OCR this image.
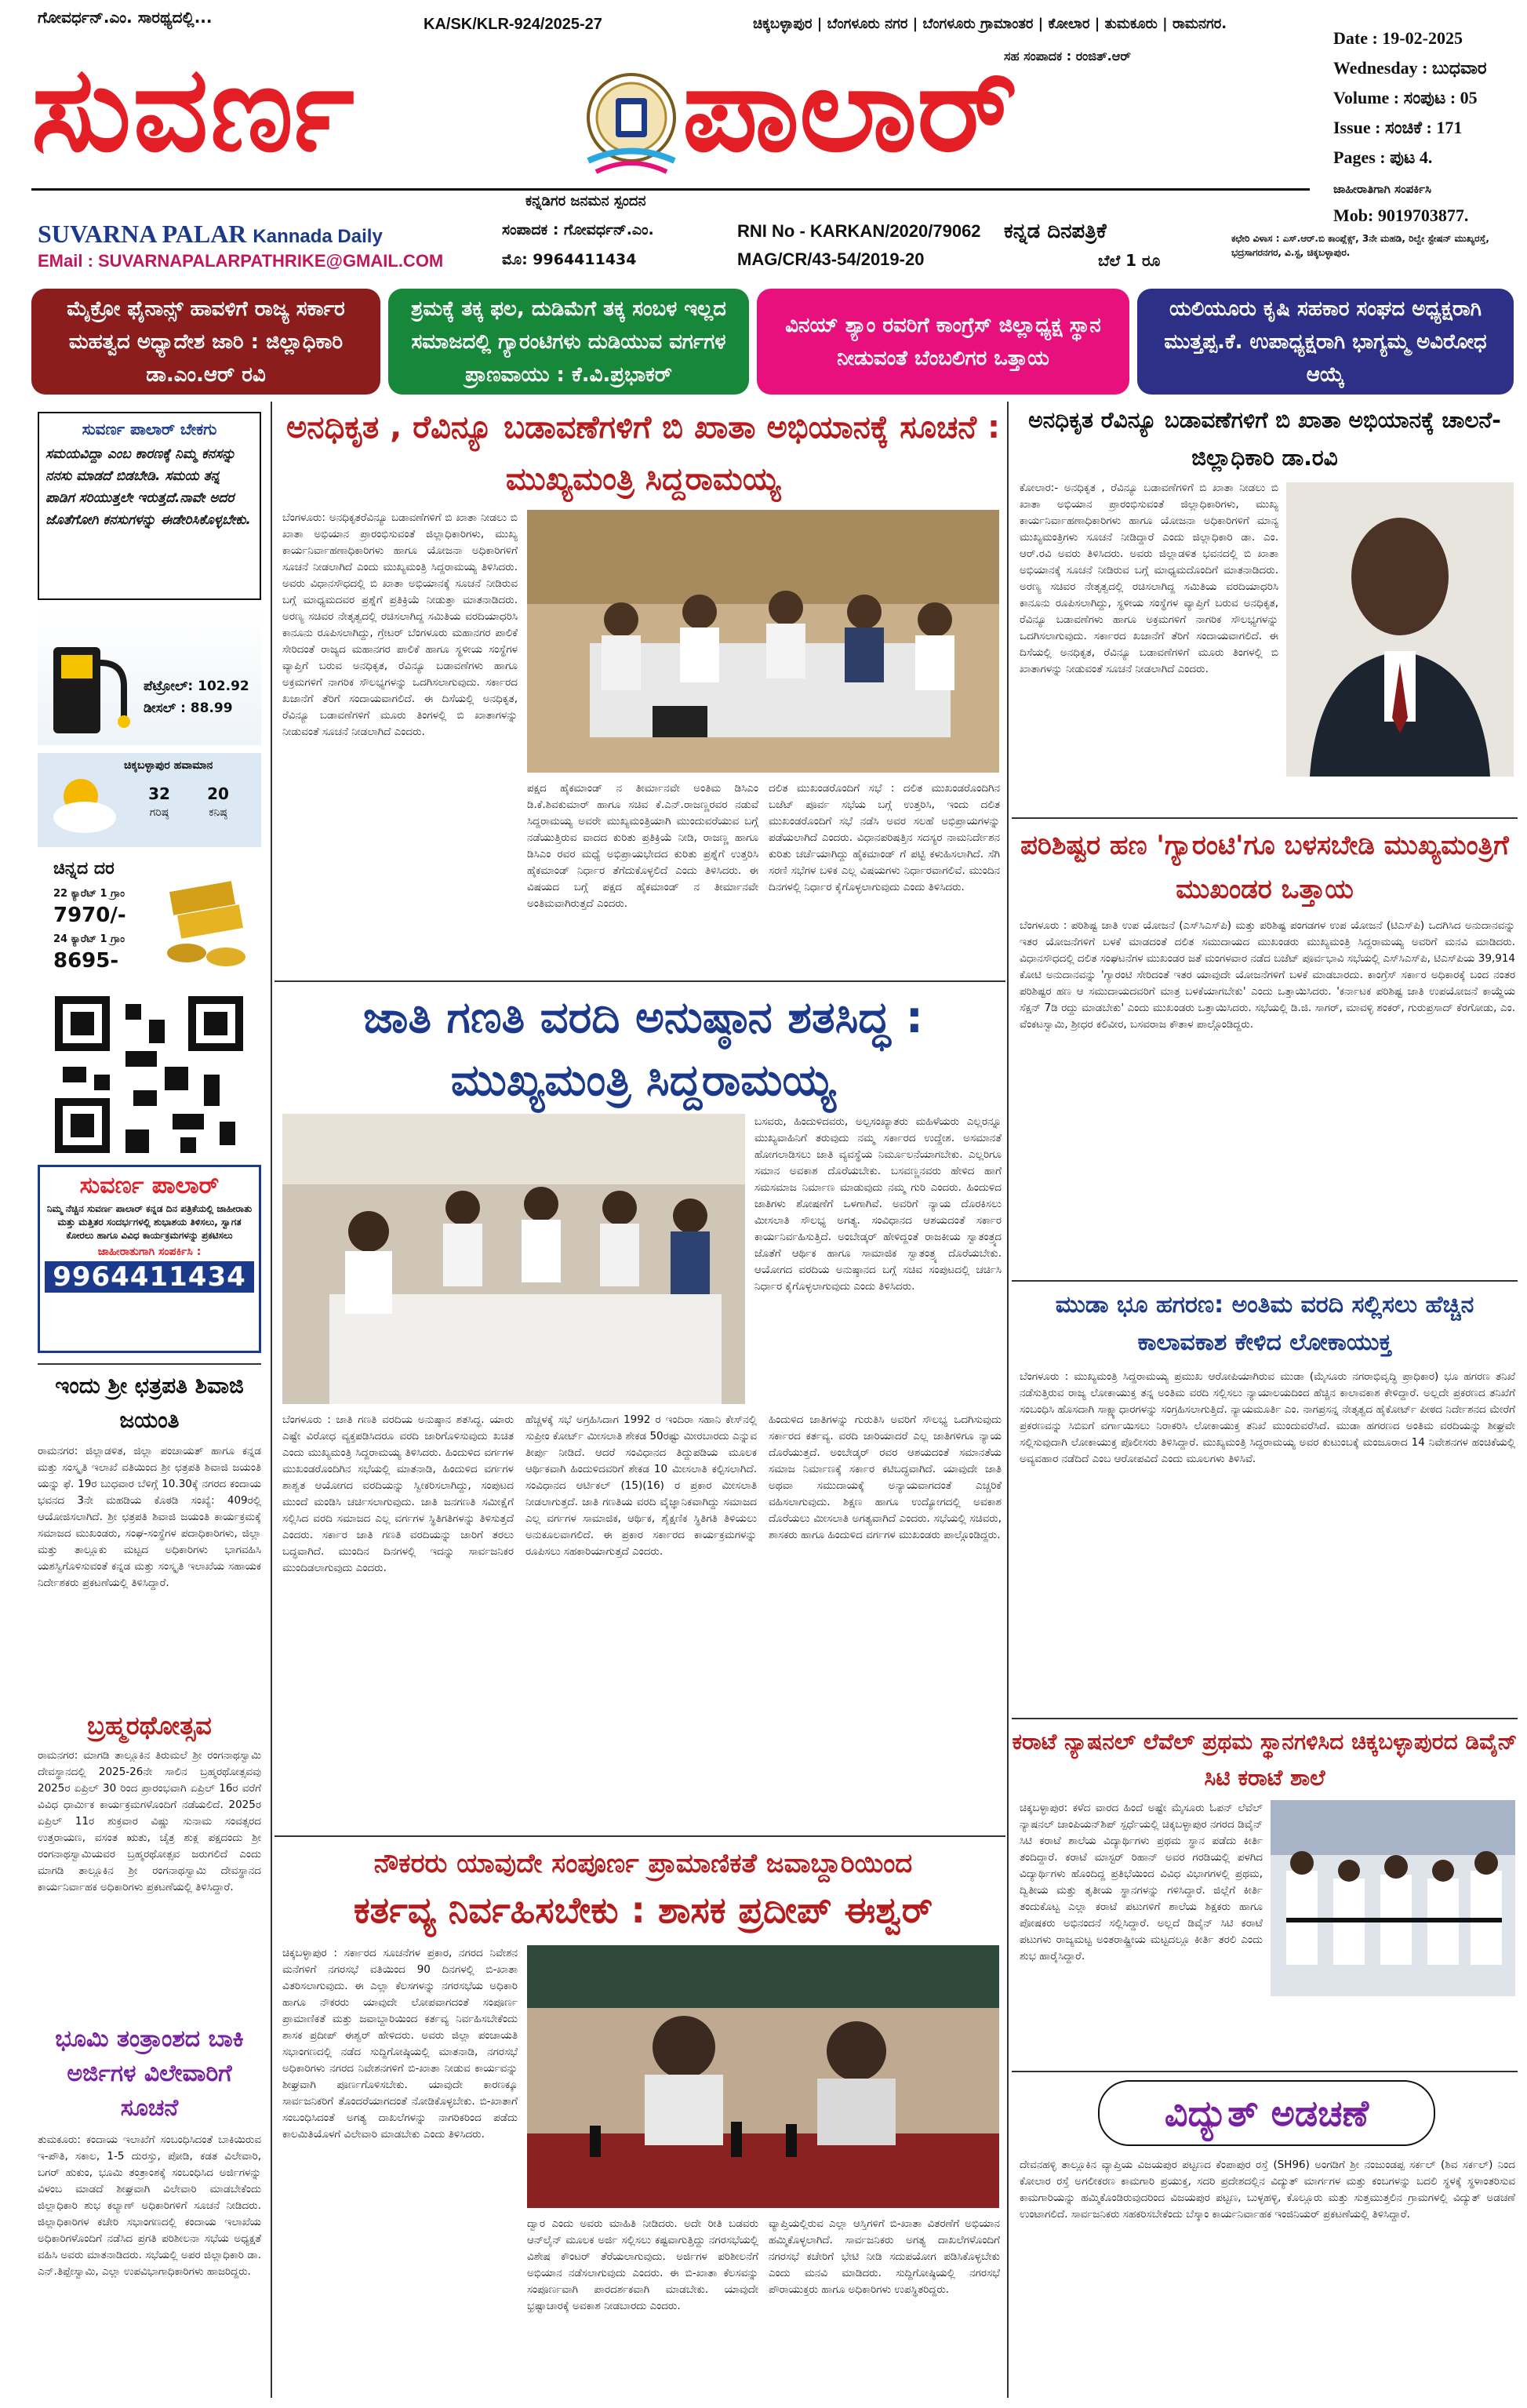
ಗೋವರ್ಧನ್.ಎಂ. ಸಾರಥ್ಯದಲ್ಲಿ...	KA/SK/KLR-924/2025-27	ಚಿಕ್ಕಬಳ್ಳಾಪುರ | ಬೆಂಗಳೂರು ನಗರ | ಬೆಂಗಳೂರು ಗ್ರಾಮಾಂತರ | ಕೋಲಾರ | ತುಮಕೂರು | ರಾಮನಗರ.
ಸಹ ಸಂಪಾದಕ : ರಂಜಿತ್.ಆರ್
ಸುವರ್ಣ	ಪಾಲಾರ್
ಕನ್ನಡಿಗರ ಜನಮನ ಸ್ಪಂದನ
SUVARNA PALAR Kannada Daily
EMail : SUVARNAPALARPATHRIKE@GMAIL.COM
ಸಂಪಾದಕ : ಗೋವರ್ಧನ್.ಎಂ.
ಮೊ: 9964411434
RNI No - KARKAN/2020/79062
MAG/CR/43-54/2019-20
ಕನ್ನಡ ದಿನಪತ್ರಿಕೆ
ಬೆಲೆ 1 ರೂ
Date : 19-02-2025
Wednesday : ಬುಧವಾರ
Volume : ಸಂಪುಟ : 05
Issue : ಸಂಚಿಕೆ : 171
Pages : ಪುಟ 4.
ಜಾಹೀರಾತಿಗಾಗಿ ಸಂಪರ್ಕಿಸಿ
Mob: 9019703877.
ಕಛೇರಿ ವಿಳಾಸ : ಎಸ್.ಆರ್.ಬಿ ಕಾಂಪ್ಲೆಕ್ಸ್, 3ನೇ ಮಹಡಿ, ರಿಲ್ವೇ ಸ್ಟೇಷನ್ ಮುಖ್ಯರಸ್ತೆ, ಭದ್ರಸಾಗರನಗರ, ವಿ.ಸ್ಟ, ಚಿಕ್ಕಬಳ್ಳಾಪುರ.
ಮೈಕ್ರೋ ಫೈನಾನ್ಸ್ ಹಾವಳಿಗೆ ರಾಜ್ಯ ಸರ್ಕಾರ ಮಹತ್ವದ ಅಧ್ಯಾದೇಶ ಜಾರಿ : ಜಿಲ್ಲಾಧಿಕಾರಿ ಡಾ.ಎಂ.ಆರ್ ರವಿ
ಶ್ರಮಕ್ಕೆ ತಕ್ಕ ಫಲ, ದುಡಿಮೆಗೆ ತಕ್ಕ ಸಂಬಳ ಇಲ್ಲದ ಸಮಾಜದಲ್ಲಿ ಗ್ಯಾರಂಟಿಗಳು ದುಡಿಯುವ ವರ್ಗಗಳ ಪ್ರಾಣವಾಯು : ಕೆ.ವಿ.ಪ್ರಭಾಕರ್
ವಿನಯ್ ಶ್ಯಾಂ ರವರಿಗೆ ಕಾಂಗ್ರೆಸ್ ಜಿಲ್ಲಾಧ್ಯಕ್ಷ ಸ್ಥಾನ ನೀಡುವಂತೆ ಬೆಂಬಲಿಗರ ಒತ್ತಾಯ
ಯಲಿಯೂರು ಕೃಷಿ ಸಹಕಾರ ಸಂಘದ ಅಧ್ಯಕ್ಷರಾಗಿ ಮುತ್ತಪ್ಪ.ಕೆ. ಉಪಾಧ್ಯಕ್ಷರಾಗಿ ಭಾಗ್ಯಮ್ಮ ಅವಿರೋಧ ಆಯ್ಕೆ
ಸುವರ್ಣ ಪಾಲಾರ್ ಬೇಕಗು
ಸಮಯವಿದ್ದಾ ಎಂಬ ಕಾರಣಕ್ಕೆ ನಿಮ್ಮ ಕನಸನ್ನು ನನಸು ಮಾಡದೆ ಬಿಡಬೇಡಿ. ಸಮಯ ತನ್ನ ಪಾಡಿಗ ಸರಿಯುತ್ತಲೇ ಇರುತ್ತದೆ.ನಾವೇ ಅದರ ಜೊತೆಗೋಗಿ ಕನಸುಗಳನ್ನು ಈಡೇರಿಸಿಕೊಳ್ಳಬೇಕು.
ಪೆಟ್ರೋಲ್: 102.92
ಡೀಸಲ್ : 88.99
ಚಿಕ್ಕಬಳ್ಳಾಪುರ ಹವಾಮಾನ
32	20
ಗರಿಷ್ಠ	ಕನಿಷ್ಠ
ಚಿನ್ನದ ದರ
22 ಕ್ಯಾರೆಟ್ 1 ಗ್ರಾಂ
7970/-
24 ಕ್ಯಾರೆಟ್ 1 ಗ್ರಾಂ
8695-
ಸುವರ್ಣ ಪಾಲಾರ್
ನಿಮ್ಮ ನೆಚ್ಚಿನ ಸುವರ್ಣ ಪಾಲಾರ್ ಕನ್ನಡ ದಿನ ಪತ್ರಿಕೆಯಲ್ಲಿ ಜಾಹೀರಾತು ಮತ್ತು ಮತ್ತಿತರ ಸಂದರ್ಭಗಳಲ್ಲಿ ಶುಭಾಶಯ ತಿಳಿಸಲು, ಸ್ವಾಗತ ಕೋರಲು ಹಾಗೂ ವಿವಿಧ ಕಾರ್ಯಕ್ರಮಗಳನ್ನು ಪ್ರಕಟಿಸಲು
ಜಾಹೀರಾತುಗಾಗಿ ಸಂಪರ್ಕಿಸಿ :
9964411434
ಇಂದು ಶ್ರೀ ಛತ್ರಪತಿ ಶಿವಾಜಿ ಜಯಂತಿ
ರಾಮನಗರ: ಜಿಲ್ಲಾಡಳಿತ, ಜಿಲ್ಲಾ ಪಂಚಾಯತ್ ಹಾಗೂ ಕನ್ನಡ ಮತ್ತು ಸಂಸ್ಕೃತಿ ಇಲಾಖೆ ವತಿಯಿಂದ ಶ್ರೀ ಛತ್ರಪತಿ ಶಿವಾಜಿ ಜಯಂತಿ ಯನ್ನು ಫೆ. 19ರ ಬುಧವಾರ ಬೆಳಿಗ್ಗೆ 10.30ಕ್ಕೆ ನಗರದ ಕಂದಾಯ ಭವನದ 3ನೇ ಮಹಡಿಯ ಕೊಠಡಿ ಸಂಖ್ಯೆ: 409ರಲ್ಲಿ ಆಯೋಜಿಸಲಾಗಿದೆ. ಶ್ರೀ ಛತ್ರಪತಿ ಶಿವಾಜಿ ಜಯಂತಿ ಕಾರ್ಯಕ್ರಮಕ್ಕೆ ಸಮಾಜದ ಮುಖಂಡರು, ಸಂಘ-ಸಂಸ್ಥೆಗಳ ಪದಾಧಿಕಾರಿಗಳು, ಜಿಲ್ಲಾ ಮತ್ತು ತಾಲ್ಲೂಕು ಮಟ್ಟದ ಅಧಿಕಾರಿಗಳು ಭಾಗವಹಿಸಿ ಯಶಸ್ವಿಗೊಳಿಸುವಂತೆ ಕನ್ನಡ ಮತ್ತು ಸಂಸ್ಕೃತಿ ಇಲಾಖೆಯ ಸಹಾಯಕ ನಿರ್ದೇಶಕರು ಪ್ರಕಟಣೆಯಲ್ಲಿ ತಿಳಿಸಿದ್ದಾರೆ.
ಬ್ರಹ್ಮರಥೋತ್ಸವ
ರಾಮನಗರ: ಮಾಗಡಿ ತಾಲ್ಲೂಕಿನ ತಿರುಮಲೆ ಶ್ರೀ ರಂಗನಾಥಸ್ವಾಮಿ ದೇವಸ್ಥಾನದಲ್ಲಿ 2025-26ನೇ ಸಾಲಿನ ಬ್ರಹ್ಮರಥೋತ್ಸವವು 2025ರ ಏಪ್ರಿಲ್ 30 ರಿಂದ ಪ್ರಾರಂಭವಾಗಿ ಏಪ್ರಿಲ್ 16ರ ವರೆಗೆ ವಿವಿಧ ಧಾರ್ಮಿಕ ಕಾರ್ಯಕ್ರಮಗಳೊಂದಿಗೆ ನಡೆಯಲಿದೆ. 2025ರ ಏಪ್ರಿಲ್ 11ರ ಶುಕ್ರವಾರ ವಿಷ್ಣು ಸುನಾಮ ಸಂವತ್ಸರದ ಉತ್ತರಾಯಣ, ವಸಂತ ಋತು, ಚೈತ್ರ ಶುಕ್ಲ ಪಕ್ಷದಂದು ಶ್ರೀ ರಂಗನಾಥಸ್ವಾಮಿಯವರ ಬ್ರಹ್ಮರಥೋತ್ಸವ ಜರುಗಲಿದೆ ಎಂದು ಮಾಗಡಿ ತಾಲ್ಲೂಕಿನ ಶ್ರೀ ರಂಗನಾಥಸ್ವಾಮಿ ದೇವಸ್ಥಾನದ ಕಾರ್ಯನಿರ್ವಾಹಕ ಅಧಿಕಾರಿಗಳು ಪ್ರಕಟಣೆಯಲ್ಲಿ ತಿಳಿಸಿದ್ದಾರೆ.
ಭೂಮಿ ತಂತ್ರಾಂಶದ ಬಾಕಿ ಅರ್ಜಿಗಳ ವಿಲೇವಾರಿಗೆ ಸೂಚನೆ
ತುಮಕೂರು: ಕಂದಾಯ ಇಲಾಖೆಗೆ ಸಂಬಂಧಿಸಿದಂತೆ ಬಾಕಿಯಿರುವ ಇ-ಪೌತಿ, ಸಕಾಲ, 1-5 ದುರಸ್ತು, ಪೋಡಿ, ಕಡತ ವಿಲೇವಾರಿ, ಬಗರ್ ಹುಕುಂ, ಭೂಮಿ ತಂತ್ರಾಂಶಕ್ಕೆ ಸಂಬಂಧಿಸಿದ ಅರ್ಜಿಗಳನ್ನು ವಿಳಂಬ ಮಾಡದೆ ಶೀಘ್ರವಾಗಿ ವಿಲೇವಾರಿ ಮಾಡಬೇಕೆಂದು ಜಿಲ್ಲಾಧಿಕಾರಿ ಶುಭ ಕಲ್ಯಾಣ್ ಅಧಿಕಾರಿಗಳಿಗೆ ಸೂಚನೆ ನೀಡಿದರು. ಜಿಲ್ಲಾಧಿಕಾರಿಗಳ ಕಚೇರಿ ಸಭಾಂಗಣದಲ್ಲಿ ಕಂದಾಯ ಇಲಾಖೆಯ ಅಧಿಕಾರಿಗಳೊಂದಿಗೆ ನಡೆಸಿದ ಪ್ರಗತಿ ಪರಿಶೀಲನಾ ಸಭೆಯ ಅಧ್ಯಕ್ಷತೆ ವಹಿಸಿ ಅವರು ಮಾತನಾಡಿದರು. ಸಭೆಯಲ್ಲಿ ಅಪರ ಜಿಲ್ಲಾಧಿಕಾರಿ ಡಾ. ಎನ್.ತಿಪ್ಪೇಸ್ವಾಮಿ, ಎಲ್ಲಾ ಉಪವಿಭಾಗಾಧಿಕಾರಿಗಳು ಹಾಜರಿದ್ದರು.
ಅನಧಿಕೃತ , ರೆವಿನ್ಯೂ ಬಡಾವಣೆಗಳಿಗೆ ಬಿ ಖಾತಾ ಅಭಿಯಾನಕ್ಕೆ ಸೂಚನೆ : ಮುಖ್ಯಮಂತ್ರಿ ಸಿದ್ದರಾಮಯ್ಯ
ಬೆಂಗಳೂರು: ಅನಧಿಕೃತರೆವಿನ್ಯೂ ಬಡಾವಣೆಗಳಿಗೆ ಬಿ ಖಾತಾ ನೀಡಲು ಬಿ ಖಾತಾ ಅಭಿಯಾನ ಪ್ರಾರಂಭಿಸುವಂತೆ ಜಿಲ್ಲಾಧಿಕಾರಿಗಳು, ಮುಖ್ಯ ಕಾರ್ಯನಿರ್ವಾಹಣಾಧಿಕಾರಿಗಳು ಹಾಗೂ ಯೋಜನಾ ಅಧಿಕಾರಿಗಳಿಗೆ ಸೂಚನೆ ನೀಡಲಾಗಿದೆ ಎಂದು ಮುಖ್ಯಮಂತ್ರಿ ಸಿದ್ದರಾಮಯ್ಯ ತಿಳಿಸಿದರು. ಅವರು ವಿಧಾನಸೌಧದಲ್ಲಿ ಬಿ ಖಾತಾ ಅಭಿಯಾನಕ್ಕೆ ಸೂಚನೆ ನೀಡಿರುವ ಬಗ್ಗೆ ಮಾಧ್ಯಮದವರ ಪ್ರಶ್ನೆಗೆ ಪ್ರತಿಕ್ರಿಯೆ ನೀಡುತ್ತಾ ಮಾತನಾಡಿದರು. ಅರಣ್ಯ ಸಚಿವರ ನೇತೃತ್ವದಲ್ಲಿ ರಚಿಸಲಾಗಿದ್ದ ಸಮಿತಿಯ ವರದಿಯಾಧರಿಸಿ ಕಾನೂನು ರೂಪಿಸಲಾಗಿದ್ದು, ಗ್ರೇಟರ್ ಬೆಂಗಳೂರು ಮಹಾನಗರ ಪಾಲಿಕೆ ಸೇರಿದಂತೆ ರಾಜ್ಯದ ಮಹಾನಗರ ಪಾಲಿಕೆ ಹಾಗೂ ಸ್ಥಳೀಯ ಸಂಸ್ಥೆಗಳ ವ್ಯಾಪ್ತಿಗೆ ಬರುವ ಅನಧಿಕೃತ, ರೆವಿನ್ಯೂ ಬಡಾವಣೆಗಳು ಹಾಗೂ ಅಕ್ರಮಗಳಿಗೆ ನಾಗರಿಕ ಸೌಲಭ್ಯಗಳನ್ನು ಒದಗಿಸಲಾಗುವುದು. ಸರ್ಕಾರದ ಖಜಾನೆಗೆ ತೆರಿಗೆ ಸಂದಾಯವಾಗಲಿದೆ. ಈ ದಿಸೆಯಲ್ಲಿ ಅನಧಿಕೃತ, ರೆವಿನ್ಯೂ ಬಡಾವಣೆಗಳಿಗೆ ಮೂರು ತಿಂಗಳಲ್ಲಿ ಬಿ ಖಾತಾಗಳನ್ನು ನೀಡುವಂತೆ ಸೂಚನೆ ನೀಡಲಾಗಿದೆ ಎಂದರು.
ಪಕ್ಷದ ಹೈಕಮಾಂಡ್ ನ ತೀರ್ಮಾನವೇ ಅಂತಿಮ ಡಿಸಿಎಂ ಡಿ.ಕೆ.ಶಿವಕುಮಾರ್ ಹಾಗೂ ಸಚಿವ ಕೆ.ಎನ್.ರಾಜಣ್ಣರವರ ನಡುವೆ ಸಿದ್ದರಾಮಯ್ಯ ಅವರೇ ಮುಖ್ಯಮಂತ್ರಿಯಾಗಿ ಮುಂದುವರೆಯುವ ಬಗ್ಗೆ ನಡೆಯುತ್ತಿರುವ ವಾದದ ಕುರಿತು ಪ್ರತಿಕ್ರಿಯೆ ನೀಡಿ, ರಾಜಣ್ಣ ಹಾಗೂ ಡಿಸಿಎಂ ರವರ ಮಧ್ಯೆ ಅಭಿಪ್ರಾಯಭೇದದ ಕುರಿತು ಪ್ರಶ್ನೆಗೆ ಉತ್ತರಿಸಿ ಹೈಕಮಾಂಡ್ ನಿರ್ಧಾರ ತೆಗೆದುಕೊಳ್ಳಲಿದೆ ಎಂದು ತಿಳಿಸಿದರು. ಈ ವಿಷಯದ ಬಗ್ಗೆ ಪಕ್ಷದ ಹೈಕಮಾಂಡ್ ನ ತೀರ್ಮಾನವೇ ಅಂತಿಮವಾಗಿರುತ್ತದೆ ಎಂದರು.
ದಲಿತ ಮುಖಂಡರೊಂದಿಗೆ ಸಭೆ : ದಲಿತ ಮುಖಂಡರೊಂದಿಗಿನ ಬಜೆಟ್ ಪೂರ್ವ ಸಭೆಯ ಬಗ್ಗೆ ಉತ್ತರಿಸಿ, ಇಂದು ದಲಿತ ಮುಖಂಡರೊಂದಿಗೆ ಸಭೆ ನಡೆಸಿ ಅವರ ಸಲಹೆ ಅಭಿಪ್ರಾಯಗಳನ್ನು ಪಡೆಯಲಾಗಿದೆ ಎಂದರು. ವಿಧಾನಪರಿಷತ್ತಿನ ಸದಸ್ಯರ ನಾಮನಿರ್ದೇಶನ ಕುರಿತು ಚರ್ಚೆಯಾಗಿದ್ದು ಹೈಕಮಾಂಡ್ ಗೆ ಪಟ್ಟಿ ಕಳುಹಿಸಲಾಗಿದೆ. ಸೆಗಿ ಸರಣಿ ಸಭೆಗಳ ಬಳಿಕ ಎಲ್ಲ ವಿಷಯಗಳು ನಿರ್ಧಾರವಾಗಲಿವೆ. ಮುಂದಿನ ದಿನಗಳಲ್ಲಿ ನಿರ್ಧಾರ ಕೈಗೊಳ್ಳಲಾಗುವುದು ಎಂದು ತಿಳಿಸಿದರು.
ಜಾತಿ ಗಣತಿ ವರದಿ ಅನುಷ್ಠಾನ ಶತಸಿದ್ಧ : ಮುಖ್ಯಮಂತ್ರಿ ಸಿದ್ದರಾಮಯ್ಯ
ಬಸವರು, ಹಿಂದುಳಿದವರು, ಅಲ್ಪಸಂಖ್ಯಾತರು ಮಹಿಳೆಯರು ಎಲ್ಲರನ್ನೂ ಮುಖ್ಯವಾಹಿನಿಗೆ ತರುವುದು ನಮ್ಮ ಸರ್ಕಾರದ ಉದ್ದೇಶ. ಅಸಮಾನತೆ ಹೋಗಲಾಡಿಸಲು ಜಾತಿ ವ್ಯವಸ್ಥೆಯ ನಿರ್ಮೂಲನೆಯಾಗಬೇಕು. ಎಲ್ಲರಿಗೂ ಸಮಾನ ಅವಕಾಶ ದೊರೆಯಬೇಕು. ಬಸವಣ್ಣನವರು ಹೇಳಿದ ಹಾಗೆ ಸಮಸಮಾಜ ನಿರ್ಮಾಣ ಮಾಡುವುದು ನಮ್ಮ ಗುರಿ ಎಂದರು. ಹಿಂದುಳಿದ ಜಾತಿಗಳು ಶೋಷಣೆಗೆ ಒಳಗಾಗಿವೆ. ಅವರಿಗೆ ನ್ಯಾಯ ದೊರಕಿಸಲು ಮೀಸಲಾತಿ ಸೌಲಭ್ಯ ಅಗತ್ಯ. ಸಂವಿಧಾನದ ಆಶಯದಂತೆ ಸರ್ಕಾರ ಕಾರ್ಯನಿರ್ವಹಿಸುತ್ತಿದೆ. ಅಂಬೇಡ್ಕರ್ ಹೇಳಿದ್ದಂತೆ ರಾಜಕೀಯ ಸ್ವಾತಂತ್ರ್ಯದ ಜೊತೆಗೆ ಆರ್ಥಿಕ ಹಾಗೂ ಸಾಮಾಜಿಕ ಸ್ವಾತಂತ್ರ್ಯ ದೊರೆಯಬೇಕು. ಆಯೋಗದ ವರದಿಯ ಅನುಷ್ಠಾನದ ಬಗ್ಗೆ ಸಚಿವ ಸಂಪುಟದಲ್ಲಿ ಚರ್ಚಿಸಿ ನಿರ್ಧಾರ ಕೈಗೊಳ್ಳಲಾಗುವುದು ಎಂದು ತಿಳಿಸಿದರು.
ಬೆಂಗಳೂರು : ಜಾತಿ ಗಣತಿ ವರದಿಯ ಅನುಷ್ಠಾನ ಶತಸಿದ್ಧ. ಯಾರು ಎಷ್ಟೇ ವಿರೋಧ ವ್ಯಕ್ತಪಡಿಸಿದರೂ ವರದಿ ಜಾರಿಗೊಳಿಸುವುದು ಖಚಿತ ಎಂದು ಮುಖ್ಯಮಂತ್ರಿ ಸಿದ್ದರಾಮಯ್ಯ ತಿಳಿಸಿದರು. ಹಿಂದುಳಿದ ವರ್ಗಗಳ ಮುಖಂಡರೊಂದಿಗಿನ ಸಭೆಯಲ್ಲಿ ಮಾತನಾಡಿ, ಹಿಂದುಳಿದ ವರ್ಗಗಳ ಶಾಶ್ವತ ಆಯೋಗದ ವರದಿಯನ್ನು ಸ್ವೀಕರಿಸಲಾಗಿದ್ದು, ಸಂಪುಟದ ಮುಂದೆ ಮಂಡಿಸಿ ಚರ್ಚಿಸಲಾಗುವುದು. ಜಾತಿ ಜನಗಣತಿ ಸಮೀಕ್ಷೆಗೆ ಸಲ್ಲಿಸಿದ ವರದಿ ಸಮಾಜದ ಎಲ್ಲ ವರ್ಗಗಳ ಸ್ಥಿತಿಗತಿಗಳನ್ನು ತಿಳಿಸುತ್ತದೆ ಎಂದರು. ಸರ್ಕಾರ ಜಾತಿ ಗಣತಿ ವರದಿಯನ್ನು ಜಾರಿಗೆ ತರಲು ಬದ್ಧವಾಗಿದೆ. ಮುಂದಿನ ದಿನಗಳಲ್ಲಿ ಇದನ್ನು ಸಾರ್ವಜನಿಕರ ಮುಂದಿಡಲಾಗುವುದು ಎಂದರು.
ಹೆಚ್ಚಳಕ್ಕೆ ಸಭೆ ಅಗ್ರಹಿಸಿದಾಗ 1992 ರ ಇಂದಿರಾ ಸಹಾನಿ ಕೇಸ್‌ನಲ್ಲಿ ಸುಪ್ರೀಂ ಕೋರ್ಟ್ ಮೀಸಲಾತಿ ಶೇಕಡ 50ರಷ್ಟು ಮೀರಬಾರದು ಎನ್ನುವ ತೀರ್ಪು ನೀಡಿದೆ. ಆದರೆ ಸಂವಿಧಾನದ ತಿದ್ದುಪಡಿಯ ಮೂಲಕ ಆರ್ಥಿಕವಾಗಿ ಹಿಂದುಳಿದವರಿಗೆ ಶೇಕಡ 10 ಮೀಸಲಾತಿ ಕಲ್ಪಿಸಲಾಗಿದೆ. ಸಂವಿಧಾನದ ಆರ್ಟಿಕಲ್ (15)(16) ರ ಪ್ರಕಾರ ಮೀಸಲಾತಿ ನೀಡಲಾಗುತ್ತದೆ. ಜಾತಿ ಗಣತಿಯ ವರದಿ ವೈಜ್ಞಾನಿಕವಾಗಿದ್ದು ಸಮಾಜದ ಎಲ್ಲ ವರ್ಗಗಳ ಸಾಮಾಜಿಕ, ಆರ್ಥಿಕ, ಶೈಕ್ಷಣಿಕ ಸ್ಥಿತಿಗತಿ ತಿಳಿಯಲು ಅನುಕೂಲವಾಗಲಿದೆ. ಈ ಪ್ರಕಾರ ಸರ್ಕಾರದ ಕಾರ್ಯಕ್ರಮಗಳನ್ನು ರೂಪಿಸಲು ಸಹಕಾರಿಯಾಗುತ್ತದೆ ಎಂದರು.
ಹಿಂದುಳಿದ ಜಾತಿಗಳನ್ನು ಗುರುತಿಸಿ ಅವರಿಗೆ ಸೌಲಭ್ಯ ಒದಗಿಸುವುದು ಸರ್ಕಾರದ ಕರ್ತವ್ಯ. ವರದಿ ಜಾರಿಯಾದರೆ ಎಲ್ಲ ಜಾತಿಗಳಿಗೂ ನ್ಯಾಯ ದೊರೆಯುತ್ತದೆ. ಅಂಬೇಡ್ಕರ್ ರವರ ಆಶಯದಂತೆ ಸಮಾನತೆಯ ಸಮಾಜ ನಿರ್ಮಾಣಕ್ಕೆ ಸರ್ಕಾರ ಕಟಿಬದ್ಧವಾಗಿದೆ. ಯಾವುದೇ ಜಾತಿ ಅಥವಾ ಸಮುದಾಯಕ್ಕೆ ಅನ್ಯಾಯವಾಗದಂತೆ ಎಚ್ಚರಿಕೆ ವಹಿಸಲಾಗುವುದು. ಶಿಕ್ಷಣ ಹಾಗೂ ಉದ್ಯೋಗದಲ್ಲಿ ಅವಕಾಶ ದೊರೆಯಲು ಮೀಸಲಾತಿ ಅಗತ್ಯವಾಗಿದೆ ಎಂದರು. ಸಭೆಯಲ್ಲಿ ಸಚಿವರು, ಶಾಸಕರು ಹಾಗೂ ಹಿಂದುಳಿದ ವರ್ಗಗಳ ಮುಖಂಡರು ಪಾಲ್ಗೊಂಡಿದ್ದರು.
ನೌಕರರು ಯಾವುದೇ ಸಂಪೂರ್ಣ ಪ್ರಾಮಾಣಿಕತೆ ಜವಾಬ್ದಾರಿಯಿಂದ
ಕರ್ತವ್ಯ ನಿರ್ವಹಿಸಬೇಕು : ಶಾಸಕ ಪ್ರದೀಪ್ ಈಶ್ವರ್
ಚಿಕ್ಕಬಳ್ಳಾಪುರ : ಸರ್ಕಾರದ ಸೂಚನೆಗಳ ಪ್ರಕಾರ, ನಗರದ ನಿವೇಶನ ಮನೆಗಳಿಗೆ ನಗರಸಭೆ ವತಿಯಿಂದ 90 ದಿನಗಳಲ್ಲಿ ಬಿ-ಖಾತಾ ವಿತರಿಸಲಾಗುವುದು. ಈ ಎಲ್ಲಾ ಕೆಲಸಗಳನ್ನು ನಗರಸಭೆಯ ಅಧಿಕಾರಿ ಹಾಗೂ ನೌಕರರು ಯಾವುದೇ ಲೋಪವಾಗದಂತೆ ಸಂಪೂರ್ಣ ಪ್ರಾಮಾಣಿಕತೆ ಮತ್ತು ಜವಾಬ್ದಾರಿಯಿಂದ ಕರ್ತವ್ಯ ನಿರ್ವಹಿಸಬೇಕೆಂದು ಶಾಸಕ ಪ್ರದೀಪ್ ಈಶ್ವರ್ ಹೇಳಿದರು. ಅವರು ಜಿಲ್ಲಾ ಪಂಚಾಯತಿ ಸಭಾಂಗಣದಲ್ಲಿ ನಡೆದ ಸುದ್ದಿಗೋಷ್ಠಿಯಲ್ಲಿ ಮಾತನಾಡಿ, ನಗರಸಭೆ ಅಧಿಕಾರಿಗಳು ನಗರದ ನಿವೇಶನಗಳಿಗೆ ಬಿ-ಖಾತಾ ನೀಡುವ ಕಾರ್ಯವನ್ನು ಶೀಘ್ರವಾಗಿ ಪೂರ್ಣಗೊಳಿಸಬೇಕು. ಯಾವುದೇ ಕಾರಣಕ್ಕೂ ಸಾರ್ವಜನಿಕರಿಗೆ ತೊಂದರೆಯಾಗದಂತೆ ನೋಡಿಕೊಳ್ಳಬೇಕು. ಬಿ-ಖಾತಾಗೆ ಸಂಬಂಧಿಸಿದಂತೆ ಅಗತ್ಯ ದಾಖಲೆಗಳನ್ನು ನಾಗರಿಕರಿಂದ ಪಡೆದು ಕಾಲಮಿತಿಯೊಳಗೆ ವಿಲೇವಾರಿ ಮಾಡಬೇಕು ಎಂದು ತಿಳಿಸಿದರು.
ದ್ವಾರ ಎಂದು ಅವರು ಮಾಹಿತಿ ನೀಡಿದರು. ಅದೇ ರೀತಿ ಬಡವರು ಆನ್‌ಲೈನ್ ಮೂಲಕ ಅರ್ಜಿ ಸಲ್ಲಿಸಲು ಕಷ್ಟವಾಗುತ್ತಿದ್ದು ನಗರಸಭೆಯಲ್ಲಿ ವಿಶೇಷ ಕೌಂಟರ್ ತೆರೆಯಲಾಗುವುದು. ಅರ್ಜಿಗಳ ಪರಿಶೀಲನೆಗೆ ಅಭಿಯಾನ ನಡೆಸಲಾಗುವುದು ಎಂದರು. ಈ ಬಿ-ಖಾತಾ ಕೆಲಸವನ್ನು ಸಂಪೂರ್ಣವಾಗಿ ಪಾರದರ್ಶಕವಾಗಿ ಮಾಡಬೇಕು. ಯಾವುದೇ ಭ್ರಷ್ಟಾಚಾರಕ್ಕೆ ಅವಕಾಶ ನೀಡಬಾರದು ಎಂದರು.
ವ್ಯಾಪ್ತಿಯಲ್ಲಿರುವ ಎಲ್ಲಾ ಆಸ್ತಿಗಳಿಗೆ ಬಿ-ಖಾತಾ ವಿತರಣೆಗೆ ಅಭಿಯಾನ ಹಮ್ಮಿಕೊಳ್ಳಲಾಗಿದೆ. ಸಾರ್ವಜನಿಕರು ಅಗತ್ಯ ದಾಖಲೆಗಳೊಂದಿಗೆ ನಗರಸಭೆ ಕಚೇರಿಗೆ ಭೇಟಿ ನೀಡಿ ಸದುಪಯೋಗ ಪಡಿಸಿಕೊಳ್ಳಬೇಕು ಎಂದು ಮನವಿ ಮಾಡಿದರು. ಸುದ್ದಿಗೋಷ್ಠಿಯಲ್ಲಿ ನಗರಸಭೆ ಪೌರಾಯುಕ್ತರು ಹಾಗೂ ಅಧಿಕಾರಿಗಳು ಉಪಸ್ಥಿತರಿದ್ದರು.
ಅನಧಿಕೃತ ರೆವಿನ್ಯೂ ಬಡಾವಣೆಗಳಿಗೆ ಬಿ ಖಾತಾ ಅಭಿಯಾನಕ್ಕೆ ಚಾಲನೆ-ಜಿಲ್ಲಾಧಿಕಾರಿ ಡಾ.ರವಿ
ಕೋಲಾರ:- ಅನಧಿಕೃತ , ರೆವಿನ್ಯೂ ಬಡಾವಣೆಗಳಿಗೆ ಬಿ ಖಾತಾ ನೀಡಲು ಬಿ ಖಾತಾ ಅಭಿಯಾನ ಪ್ರಾರಂಭಿಸುವಂತೆ ಜಿಲ್ಲಾಧಿಕಾರಿಗಳು, ಮುಖ್ಯ ಕಾರ್ಯನಿರ್ವಾಹಣಾಧಿಕಾರಿಗಳು ಹಾಗೂ ಯೋಜನಾ ಅಧಿಕಾರಿಗಳಿಗೆ ಮಾನ್ಯ ಮುಖ್ಯಮಂತ್ರಿಗಳು ಸೂಚನೆ ನೀಡಿದ್ದಾರೆ ಎಂದು ಜಿಲ್ಲಾಧಿಕಾರಿ ಡಾ. ಎಂ. ಆರ್.ರವಿ ಅವರು ತಿಳಿಸಿದರು. ಅವರು ಜಿಲ್ಲಾಡಳಿತ ಭವನದಲ್ಲಿ ಬಿ ಖಾತಾ ಅಭಿಯಾನಕ್ಕೆ ಸೂಚನೆ ನೀಡಿರುವ ಬಗ್ಗೆ ಮಾಧ್ಯಮದೊಂದಿಗೆ ಮಾತನಾಡಿದರು. ಅರಣ್ಯ ಸಚಿವರ ನೇತೃತ್ವದಲ್ಲಿ ರಚಿಸಲಾಗಿದ್ದ ಸಮಿತಿಯ ವರದಿಯಾಧರಿಸಿ ಕಾನೂನು ರೂಪಿಸಲಾಗಿದ್ದು, ಸ್ಥಳೀಯ ಸಂಸ್ಥೆಗಳ ವ್ಯಾಪ್ತಿಗೆ ಬರುವ ಅನಧಿಕೃತ, ರೆವಿನ್ಯೂ ಬಡಾವಣೆಗಳು ಹಾಗೂ ಅಕ್ರಮಗಳಿಗೆ ನಾಗರಿಕ ಸೌಲಭ್ಯಗಳನ್ನು ಒದಗಿಸಲಾಗುವುದು. ಸರ್ಕಾರದ ಖಜಾನೆಗೆ ತೆರಿಗೆ ಸಂದಾಯವಾಗಲಿದೆ. ಈ ದಿಸೆಯಲ್ಲಿ ಅನಧಿಕೃತ, ರೆವಿನ್ಯೂ ಬಡಾವಣೆಗಳಿಗೆ ಮೂರು ತಿಂಗಳಲ್ಲಿ ಬಿ ಖಾತಾಗಳನ್ನು ನೀಡುವಂತೆ ಸೂಚನೆ ನೀಡಲಾಗಿದೆ ಎಂದರು.
ಪರಿಶಿಷ್ಟರ ಹಣ 'ಗ್ಯಾರಂಟಿ'ಗೂ ಬಳಸಬೇಡಿ ಮುಖ್ಯಮಂತ್ರಿಗೆ ಮುಖಂಡರ ಒತ್ತಾಯ
ಬೆಂಗಳೂರು : ಪರಿಶಿಷ್ಟ ಜಾತಿ ಉಪ ಯೋಜನೆ (ಎಸ್‌ಸಿಎಸ್‌ಪಿ) ಮತ್ತು ಪರಿಶಿಷ್ಟ ಪಂಗಡಗಳ ಉಪ ಯೋಜನೆ (ಟಿಎಸ್‌ಪಿ) ಒದಗಿಸಿದ ಅನುದಾನವನ್ನು ಇತರ ಯೋಜನೆಗಳಿಗೆ ಬಳಕೆ ಮಾಡದಂತೆ ದಲಿತ ಸಮುದಾಯದ ಮುಖಂಡರು ಮುಖ್ಯಮಂತ್ರಿ ಸಿದ್ದರಾಮಯ್ಯ ಅವರಿಗೆ ಮನವಿ ಮಾಡಿದರು. ವಿಧಾನಸೌಧದಲ್ಲಿ ದಲಿತ ಸಂಘಟನೆಗಳ ಮುಖಂಡರ ಜತೆ ಮಂಗಳವಾರ ನಡೆದ ಬಜೆಟ್ ಪೂರ್ವಭಾವಿ ಸಭೆಯಲ್ಲಿ ಎಸ್‌ಸಿಎಸ್‌ಪಿ, ಟಿಎಸ್‌ಪಿಯ 39,914 ಕೋಟಿ ಅನುದಾನವನ್ನು 'ಗ್ಯಾರಂಟಿ ಸೇರಿದಂತೆ ಇತರ ಯಾವುದೇ ಯೋಜನೆಗಳಿಗೆ ಬಳಕೆ ಮಾಡಬಾರದು. ಕಾಂಗ್ರೆಸ್ ಸರ್ಕಾರ ಅಧಿಕಾರಕ್ಕೆ ಬಂದ ನಂತರ ಪರಿಶಿಷ್ಟರ ಹಣ ಆ ಸಮುದಾಯದವರಿಗೆ ಮಾತ್ರ ಬಳಕೆಯಾಗಬೇಕು' ಎಂದು ಒತ್ತಾಯಿಸಿದರು. 'ಕರ್ನಾಟಕ ಪರಿಶಿಷ್ಟ ಜಾತಿ ಉಪಯೋಜನೆ ಕಾಯ್ದೆಯ ಸೆಕ್ಷನ್ 7ಡಿ ರದ್ದು ಮಾಡಬೇಕು' ಎಂದು ಮುಖಂಡರು ಒತ್ತಾಯಿಸಿದರು. ಸಭೆಯಲ್ಲಿ ಡಿ.ಜಿ. ಸಾಗರ್, ಮಾವಳ್ಳಿ ಶಂಕರ್, ಗುರುಪ್ರಸಾದ್ ಕೆರಗೋಡು, ಎಂ. ವೆಂಕಟಸ್ವಾಮಿ, ಶ್ರೀಧರ ಕಲಿವೀರ, ಬಸವರಾಜ ಕೌತಾಳ ಪಾಲ್ಗೊಂಡಿದ್ದರು.
ಮುಡಾ ಭೂ ಹಗರಣ: ಅಂತಿಮ ವರದಿ ಸಲ್ಲಿಸಲು ಹೆಚ್ಚಿನ ಕಾಲಾವಕಾಶ ಕೇಳಿದ ಲೋಕಾಯುಕ್ತ
ಬೆಂಗಳೂರು : ಮುಖ್ಯಮಂತ್ರಿ ಸಿದ್ದರಾಮಯ್ಯ ಪ್ರಮುಖ ಆರೋಪಿಯಾಗಿರುವ ಮುಡಾ (ಮೈಸೂರು ನಗರಾಭಿವೃದ್ಧಿ ಪ್ರಾಧಿಕಾರ) ಭೂ ಹಗರಣ ತನಿಖೆ ನಡೆಸುತ್ತಿರುವ ರಾಜ್ಯ ಲೋಕಾಯುಕ್ತ ತನ್ನ ಅಂತಿಮ ವರದಿ ಸಲ್ಲಿಸಲು ನ್ಯಾಯಾಲಯದಿಂದ ಹೆಚ್ಚಿನ ಕಾಲಾವಕಾಶ ಕೇಳಿದ್ದಾರೆ. ಅಲ್ಲದೇ ಪ್ರಕರಣದ ತನಿಖೆಗೆ ಸಂಬಂಧಿಸಿ ಹೊಸದಾಗಿ ಸಾಕ್ಷ್ಯಾಧಾರಗಳನ್ನು ಸಂಗ್ರಹಿಸಲಾಗುತ್ತಿದೆ. ನ್ಯಾಯಮೂರ್ತಿ ಎಂ. ನಾಗಪ್ರಸನ್ನ ನೇತೃತ್ವದ ಹೈಕೋರ್ಟ್ ಪೀಠದ ನಿರ್ದೇಶನದ ಮೇರೆಗೆ ಪ್ರಕರಣವನ್ನು ಸಿಬಿಐಗೆ ವರ್ಗಾಯಿಸಲು ನಿರಾಕರಿಸಿ ಲೋಕಾಯುಕ್ತ ತನಿಖೆ ಮುಂದುವರೆಸಿದೆ. ಮುಡಾ ಹಗರಣದ ಅಂತಿಮ ವರದಿಯನ್ನು ಶೀಘ್ರವೇ ಸಲ್ಲಿಸುವುದಾಗಿ ಲೋಕಾಯುಕ್ತ ಪೊಲೀಸರು ತಿಳಿಸಿದ್ದಾರೆ. ಮುಖ್ಯಮಂತ್ರಿ ಸಿದ್ದರಾಮಯ್ಯ ಅವರ ಕುಟುಂಬಕ್ಕೆ ಮಂಜೂರಾದ 14 ನಿವೇಶನಗಳ ಹಂಚಿಕೆಯಲ್ಲಿ ಅವ್ಯವಹಾರ ನಡೆದಿದೆ ಎಂಬ ಆರೋಪವಿದೆ ಎಂದು ಮೂಲಗಳು ತಿಳಿಸಿವೆ.
ಕರಾಟೆ ನ್ಯಾಷನಲ್ ಲೆವೆಲ್ ಪ್ರಥಮ ಸ್ಥಾನಗಳಿಸಿದ ಚಿಕ್ಕಬಳ್ಳಾಪುರದ ಡಿವೈನ್ ಸಿಟಿ ಕರಾಟೆ ಶಾಲೆ
ಚಿಕ್ಕಬಳ್ಳಾಪುರ: ಕಳೆದ ವಾರದ ಹಿಂದೆ ಅಷ್ಟೇ ಮೈಸೂರು ಓಪನ್ ಲೆವೆಲ್ ನ್ಯಾಷನಲ್ ಚಾಂಪಿಯನ್‌ಶಿಪ್ ಸ್ಪರ್ಧೆಯಲ್ಲಿ ಚಿಕ್ಕಬಳ್ಳಾಪುರ ನಗರದ ಡಿವೈನ್ ಸಿಟಿ ಕರಾಟೆ ಶಾಲೆಯ ವಿದ್ಯಾರ್ಥಿಗಳು ಪ್ರಥಮ ಸ್ಥಾನ ಪಡೆದು ಕೀರ್ತಿ ತಂದಿದ್ದಾರೆ. ಕರಾಟೆ ಮಾಸ್ಟರ್ ರಿಹಾನ್ ಅವರ ಗರಡಿಯಲ್ಲಿ ಪಳಗಿದ ವಿದ್ಯಾರ್ಥಿಗಳು ಹೊಂದಿದ್ದ ಪ್ರತಿಭೆಯಿಂದ ವಿವಿಧ ವಿಭಾಗಗಳಲ್ಲಿ ಪ್ರಥಮ, ದ್ವಿತೀಯ ಮತ್ತು ತೃತೀಯ ಸ್ಥಾನಗಳನ್ನು ಗಳಿಸಿದ್ದಾರೆ. ಜಿಲ್ಲೆಗೆ ಕೀರ್ತಿ ತಂದುಕೊಟ್ಟ ಎಲ್ಲಾ ಕರಾಟೆ ಪಟುಗಳಿಗೆ ಶಾಲೆಯ ಶಿಕ್ಷಕರು ಹಾಗೂ ಪೋಷಕರು ಅಭಿನಂದನೆ ಸಲ್ಲಿಸಿದ್ದಾರೆ. ಅಲ್ಲದೆ ಡಿವೈನ್ ಸಿಟಿ ಕರಾಟೆ ಪಟುಗಳು ರಾಜ್ಯಮಟ್ಟ ಅಂತರಾಷ್ಟ್ರೀಯ ಮಟ್ಟದಲ್ಲೂ ಕೀರ್ತಿ ತರಲಿ ಎಂದು ಶುಭ ಹಾರೈಸಿದ್ದಾರೆ.
ವಿದ್ಯುತ್ ಅಡಚಣೆ
ದೇವನಹಳ್ಳಿ ತಾಲ್ಲೂಕಿನ ವ್ಯಾಪ್ತಿಯ ವಿಜಯಪುರ ಪಟ್ಟಣದ ಕೆಂಪಾಪುರ ರಸ್ತೆ (SH96) ಅಂಗಡಿಗೆ ಶ್ರೀ ನಂಜುಂಡಪ್ಪ ಸರ್ಕಲ್ (ಶಿವ ಸರ್ಕಲ್) ನಿಂದ ಕೋಲಾರ ರಸ್ತೆ ಅಗಲೀಕರಣ ಕಾಮಗಾರಿ ಪ್ರಯುಕ್ತ, ಸದರಿ ಪ್ರದೇಶದಲ್ಲಿನ ವಿದ್ಯುತ್ ಮಾರ್ಗಗಳ ಮತ್ತು ಕಂಬಗಳನ್ನು ಬದಲಿ ಸ್ಥಳಕ್ಕೆ ಸ್ಥಳಾಂತರಿಸುವ ಕಾಮಗಾರಿಯನ್ನು ಹಮ್ಮಿಕೊಂಡಿರುವುದರಿಂದ ವಿಜಯಪುರ ಪಟ್ಟಣ, ಬುಳ್ಳಹಳ್ಳಿ, ಕೊಲ್ಲೂರು ಮತ್ತು ಸುತ್ತಮುತ್ತಲಿನ ಗ್ರಾಮಗಳಲ್ಲಿ ವಿದ್ಯುತ್ ಅಡಚಣೆ ಉಂಟಾಗಲಿದೆ. ಸಾರ್ವಜನಿಕರು ಸಹಕರಿಸಬೇಕೆಂದು ಬೆಸ್ಕಾಂ ಕಾರ್ಯನಿರ್ವಾಹಕ ಇಂಜಿನಿಯರ್ ಪ್ರಕಟಣೆಯಲ್ಲಿ ತಿಳಿಸಿದ್ದಾರೆ.
